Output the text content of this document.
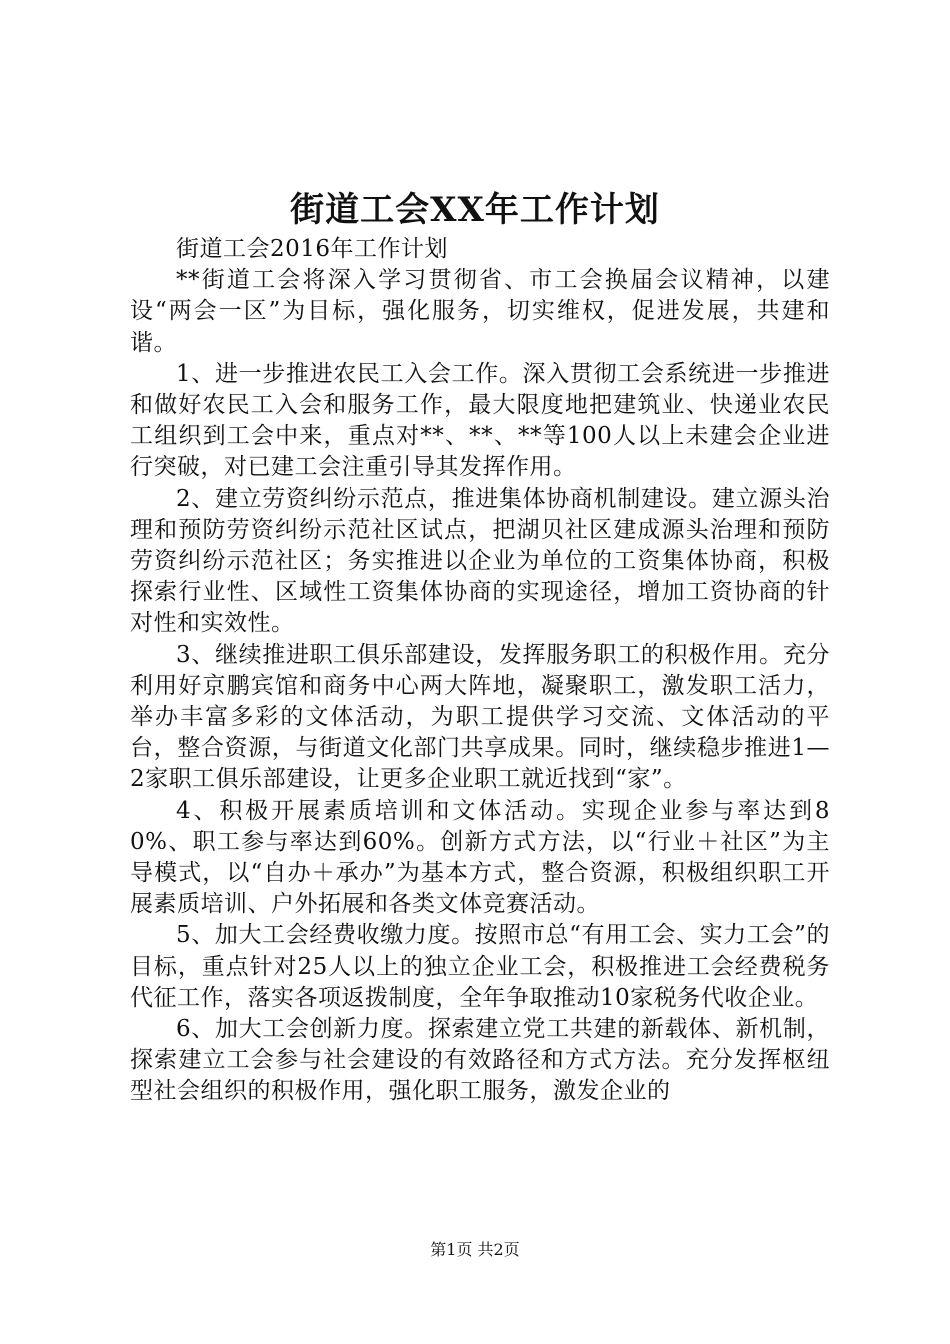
街道工会XX年工作计划

街道工会2016年工作计划

**街道工会将深入学习贯彻省、市工会换届会议精神，以建设“两会一区”为目标，强化服务，切实维权，促进发展，共建和谐。

1、进一步推进农民工入会工作。深入贯彻工会系统进一步推进和做好农民工入会和服务工作，最大限度地把建筑业、快递业农民工组织到工会中来，重点对**、**、**等100人以上未建会企业进行突破，对已建工会注重引导其发挥作用。

2、建立劳资纠纷示范点，推进集体协商机制建设。建立源头治理和预防劳资纠纷示范社区试点，把湖贝社区建成源头治理和预防劳资纠纷示范社区；务实推进以企业为单位的工资集体协商，积极探索行业性、区域性工资集体协商的实现途径，增加工资协商的针对性和实效性。

3、继续推进职工俱乐部建设，发挥服务职工的积极作用。充分利用好京鹏宾馆和商务中心两大阵地，凝聚职工，激发职工活力，举办丰富多彩的文体活动，为职工提供学习交流、文体活动的平台，整合资源，与街道文化部门共享成果。同时，继续稳步推进1—2家职工俱乐部建设，让更多企业职工就近找到“家”。

4、积极开展素质培训和文体活动。实现企业参与率达到80%、职工参与率达到60%。创新方式方法，以“行业＋社区”为主导模式，以“自办＋承办”为基本方式，整合资源，积极组织职工开展素质培训、户外拓展和各类文体竞赛活动。

5、加大工会经费收缴力度。按照市总“有用工会、实力工会”的目标，重点针对25人以上的独立企业工会，积极推进工会经费税务代征工作，落实各项返拨制度，全年争取推动10家税务代收企业。

6、加大工会创新力度。探索建立党工共建的新载体、新机制，探索建立工会参与社会建设的有效路径和方式方法。充分发挥枢纽型社会组织的积极作用，强化职工服务，激发企业的

第1页 共2页
